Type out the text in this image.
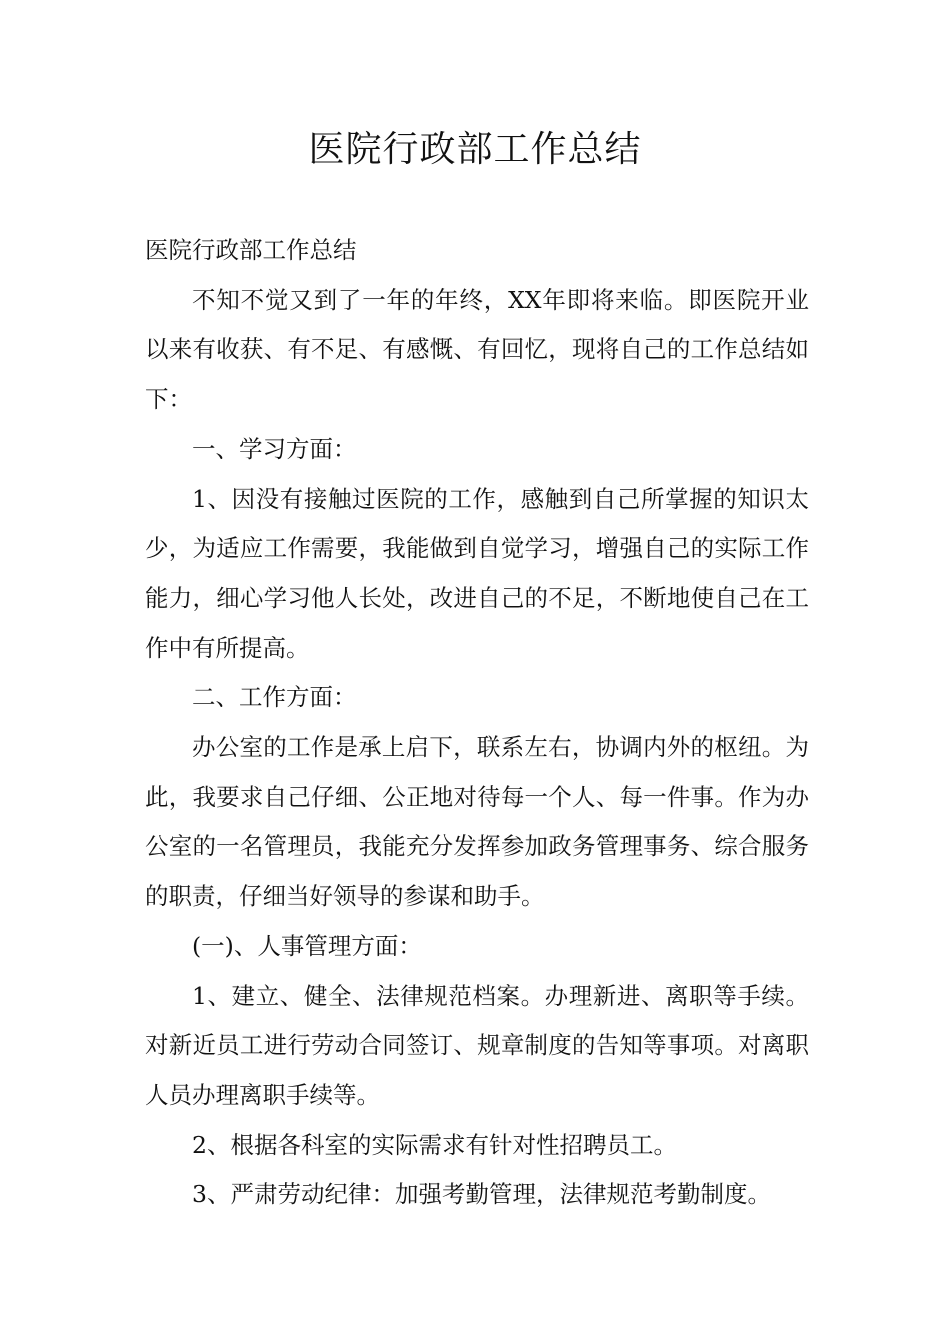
医院行政部工作总结

医院行政部工作总结

不知不觉又到了一年的年终，XX年即将来临。即医院开业以来有收获、有不足、有感慨、有回忆，现将自己的工作总结如下：

一、学习方面：

1、因没有接触过医院的工作，感触到自己所掌握的知识太少，为适应工作需要，我能做到自觉学习，增强自己的实际工作能力，细心学习他人长处，改进自己的不足，不断地使自己在工作中有所提高。

二、工作方面：

办公室的工作是承上启下，联系左右，协调内外的枢纽。为此，我要求自己仔细、公正地对待每一个人、每一件事。作为办公室的一名管理员，我能充分发挥参加政务管理事务、综合服务的职责，仔细当好领导的参谋和助手。

(一)、人事管理方面：

1、建立、健全、法律规范档案。办理新进、离职等手续。对新近员工进行劳动合同签订、规章制度的告知等事项。对离职人员办理离职手续等。

2、根据各科室的实际需求有针对性招聘员工。

3、严肃劳动纪律：加强考勤管理，法律规范考勤制度。
